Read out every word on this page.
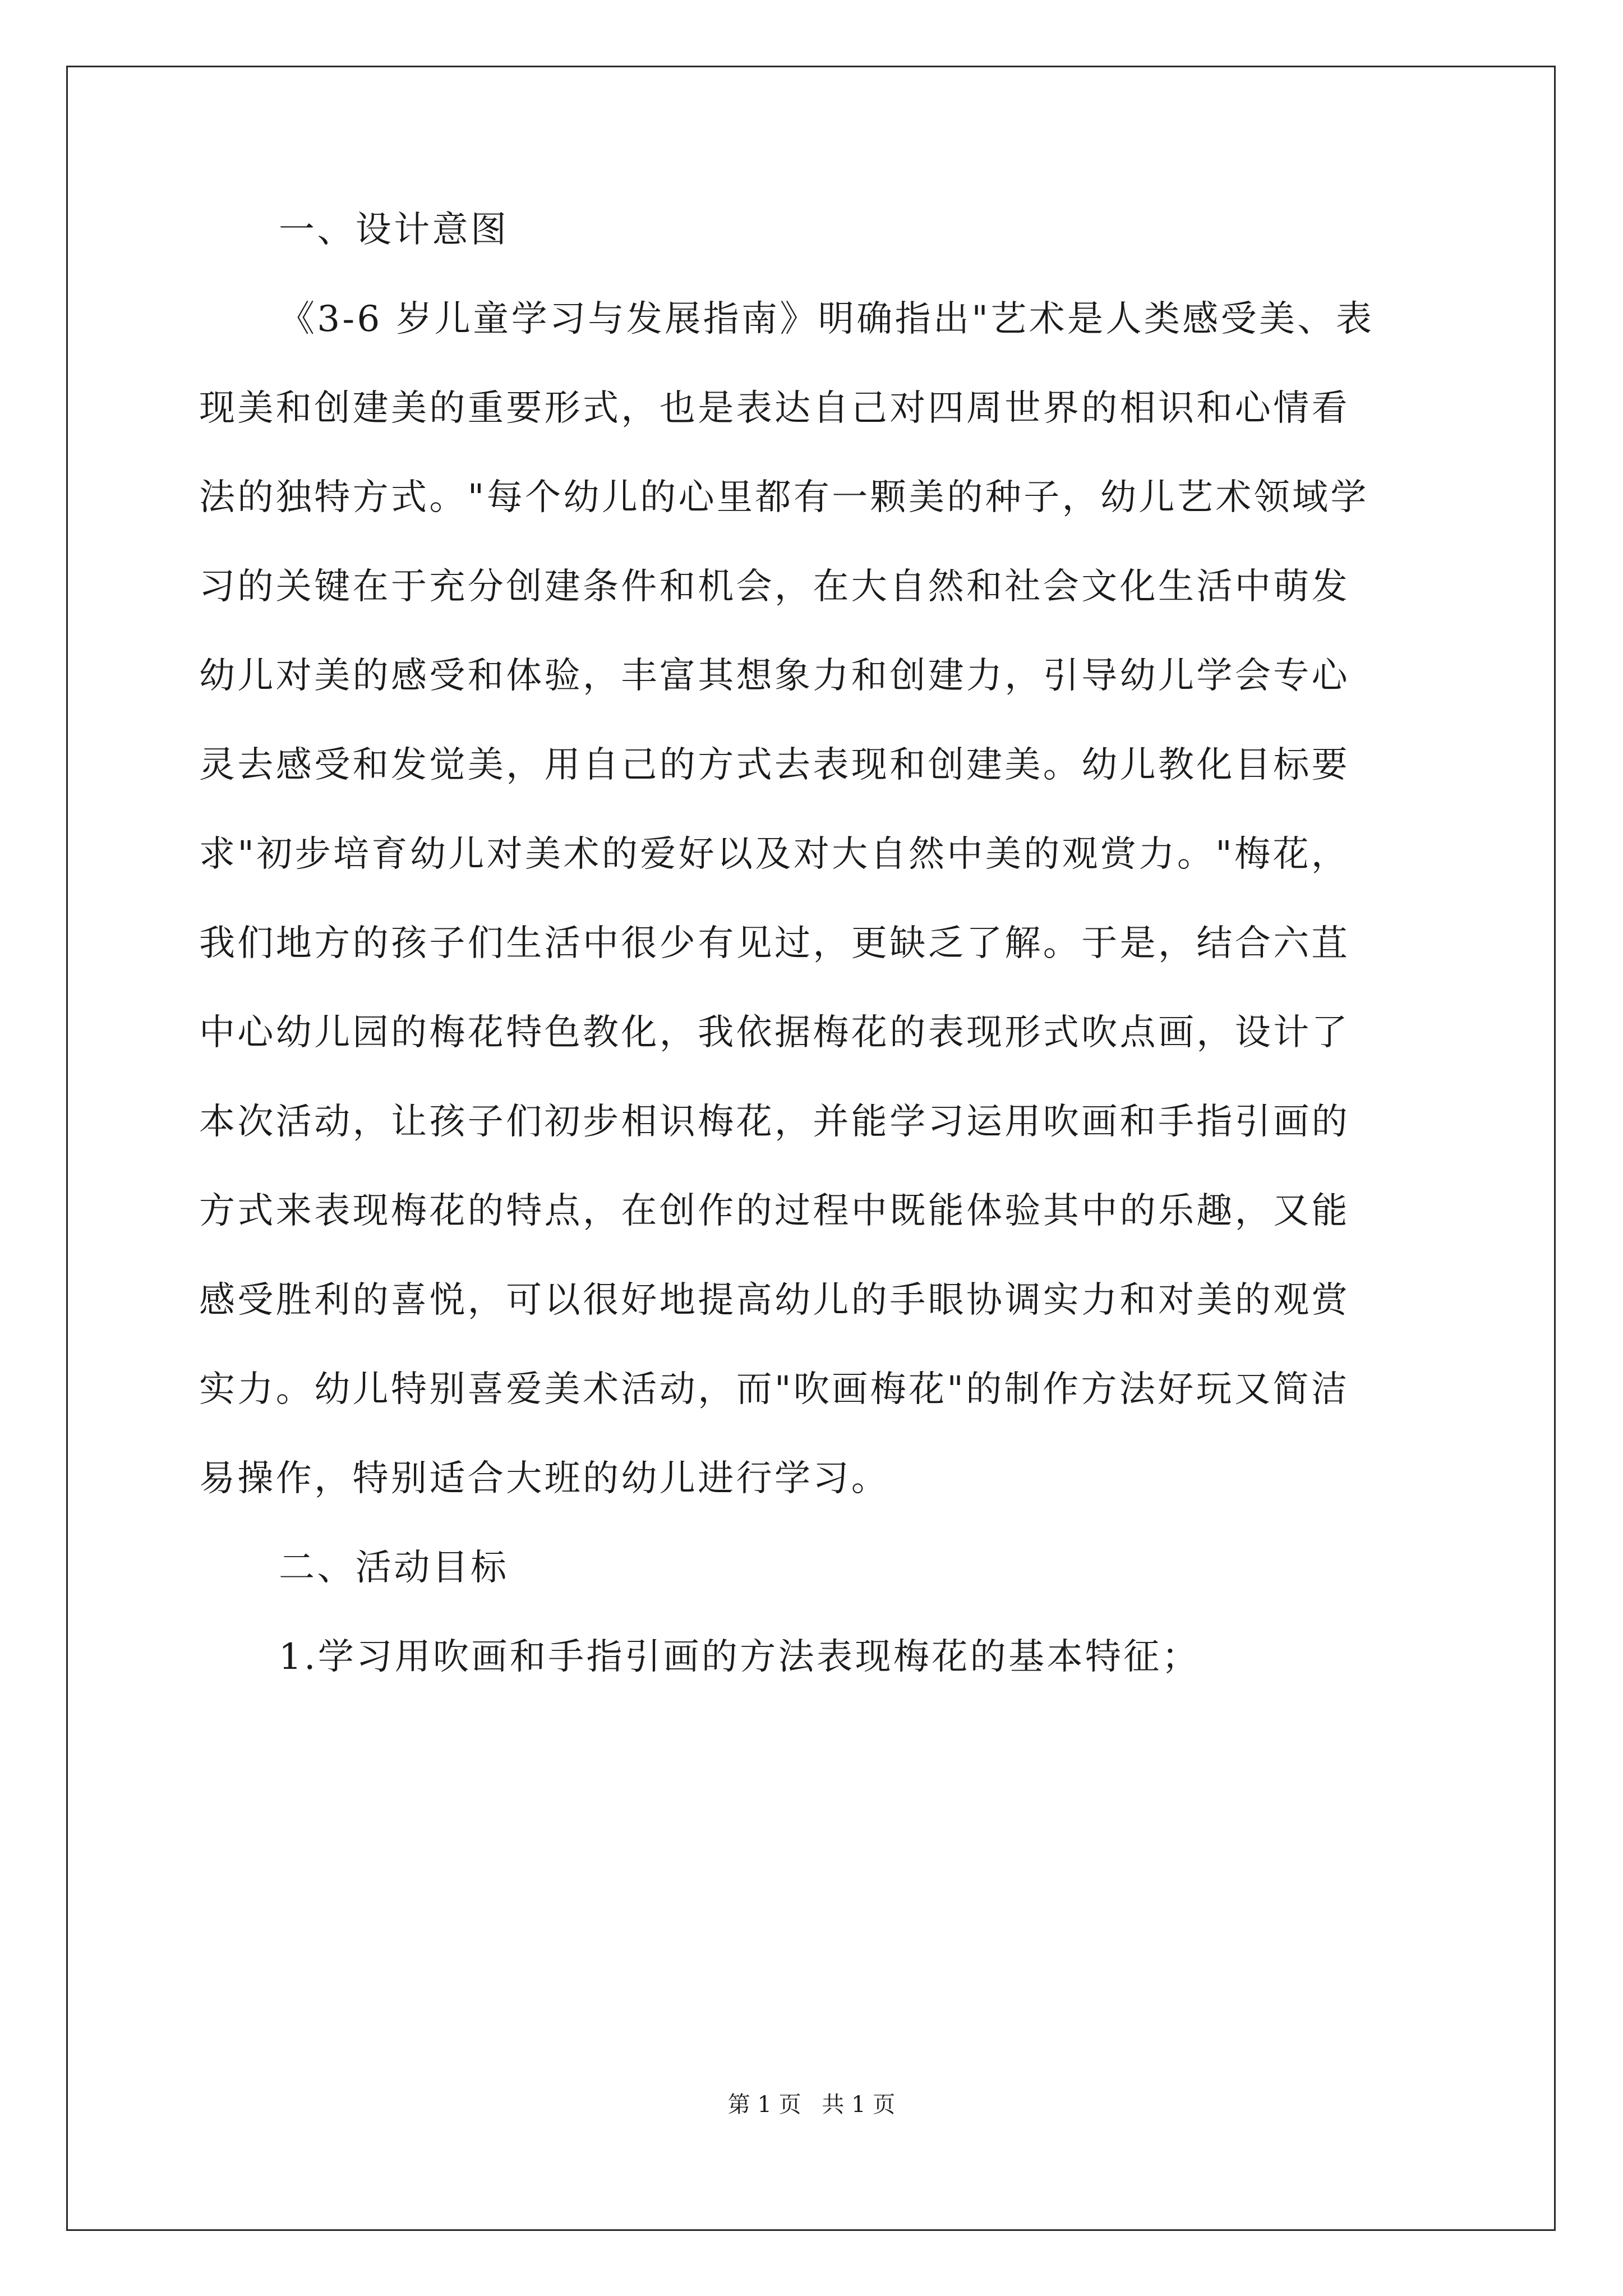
一、设计意图
《3-6 岁儿童学习与发展指南》明确指出"艺术是人类感受美、表
现美和创建美的重要形式，也是表达自己对四周世界的相识和心情看
法的独特方式。"每个幼儿的心里都有一颗美的种子，幼儿艺术领域学
习的关键在于充分创建条件和机会，在大自然和社会文化生活中萌发
幼儿对美的感受和体验，丰富其想象力和创建力，引导幼儿学会专心
灵去感受和发觉美，用自己的方式去表现和创建美。幼儿教化目标要
求"初步培育幼儿对美术的爱好以及对大自然中美的观赏力。"梅花，
我们地方的孩子们生活中很少有见过，更缺乏了解。于是，结合六苴
中心幼儿园的梅花特色教化，我依据梅花的表现形式吹点画，设计了
本次活动，让孩子们初步相识梅花，并能学习运用吹画和手指引画的
方式来表现梅花的特点，在创作的过程中既能体验其中的乐趣，又能
感受胜利的喜悦，可以很好地提高幼儿的手眼协调实力和对美的观赏
实力。幼儿特别喜爱美术活动，而"吹画梅花"的制作方法好玩又简洁
易操作，特别适合大班的幼儿进行学习。
二、活动目标
1.学习用吹画和手指引画的方法表现梅花的基本特征；
第 1 页 共 1 页
